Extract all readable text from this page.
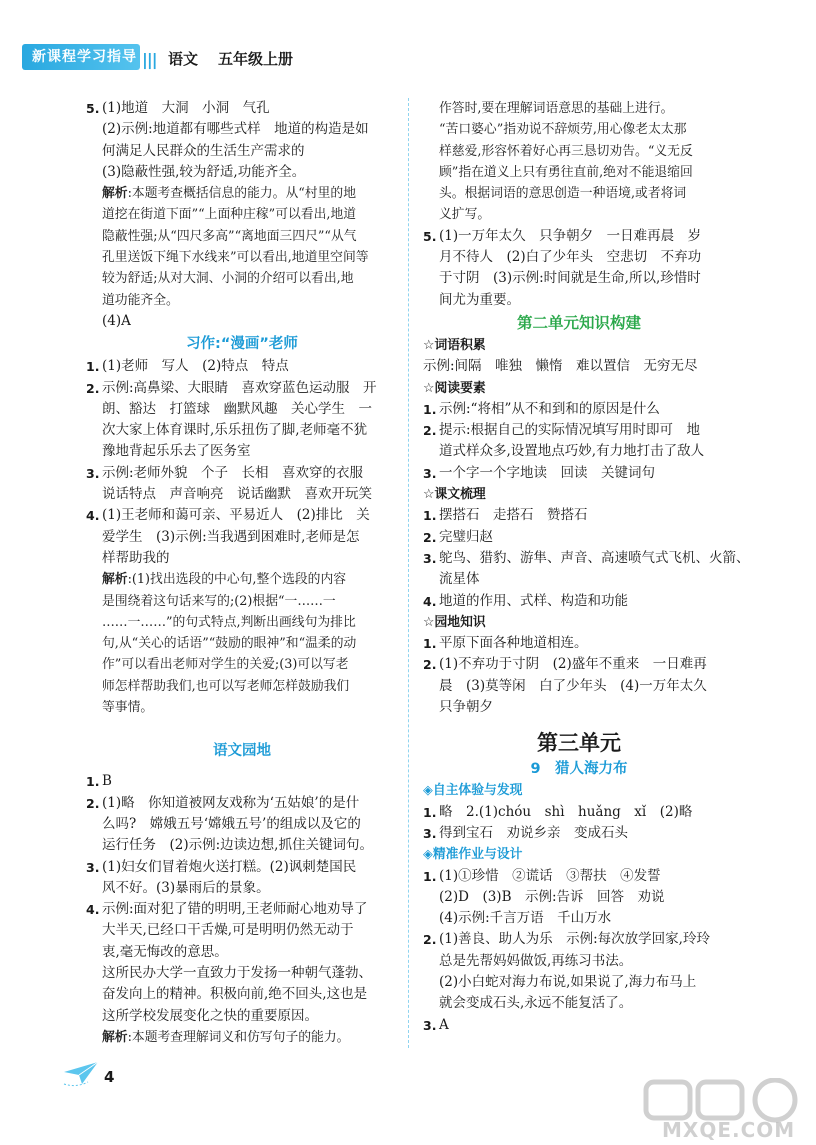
新课程学习指导 ||| 语文 五年级上册
5. (1)地道　大洞　小洞　气孔
(2)示例:地道都有哪些式样　地道的构造是如
何满足人民群众的生活生产需求的
(3)隐蔽性强,较为舒适,功能齐全。
解析:本题考查概括信息的能力。从“村里的地
道挖在街道下面”“上面种庄稼”可以看出,地道
隐蔽性强;从“四尺多高”“离地面三四尺”“从气
孔里送饭下绳下水线来”可以看出,地道里空间等
较为舒适;从对大洞、小洞的介绍可以看出,地
道功能齐全。
(4)A
习作:“漫画”老师
1. (1)老师　写人　(2)特点　特点
2. 示例:高鼻梁、大眼睛　喜欢穿蓝色运动服　开
朗、豁达　打篮球　幽默风趣　关心学生　一
次大家上体育课时,乐乐扭伤了脚,老师毫不犹
豫地背起乐乐去了医务室
3. 示例:老师外貌　个子　长相　喜欢穿的衣服
说话特点　声音响亮　说话幽默　喜欢开玩笑
4. (1)王老师和蔼可亲、平易近人　(2)排比　关
爱学生　(3)示例:当我遇到困难时,老师是怎
样帮助我的
解析:(1)找出选段的中心句,整个选段的内容
是围绕着这句话来写的;(2)根据“一……一
……一……”的句式特点,判断出画线句为排比
句,从“关心的话语”“鼓励的眼神”和“温柔的动
作”可以看出老师对学生的关爱;(3)可以写老
师怎样帮助我们,也可以写老师怎样鼓励我们
等事情。
语文园地
1. B
2. (1)略　你知道被网友戏称为‘五姑娘’的是什
么吗?　嫦娥五号‘嫦娥五号’的组成以及它的
运行任务　(2)示例:边读边想,抓住关键词句。
3. (1)妇女们冒着炮火送打糕。(2)讽刺楚国民
风不好。(3)暴雨后的景象。
4. 示例:面对犯了错的明明,王老师耐心地劝导了
大半天,已经口干舌燥,可是明明仍然无动于
衷,毫无悔改的意思。
这所民办大学一直致力于发扬一种朝气蓬勃、
奋发向上的精神。积极向前,绝不回头,这也是
这所学校发展变化之快的重要原因。
解析:本题考查理解词义和仿写句子的能力。
作答时,要在理解词语意思的基础上进行。
“苦口婆心”指劝说不辞烦劳,用心像老太太那
样慈爱,形容怀着好心再三恳切劝告。“义无反
顾”指在道义上只有勇往直前,绝对不能退缩回
头。根据词语的意思创造一种语境,或者将词
义扩写。
5. (1)一万年太久　只争朝夕　一日难再晨　岁
月不待人　(2)白了少年头　空悲切　不弃功
于寸阴　(3)示例:时间就是生命,所以,珍惜时
间尤为重要。
第二单元知识构建
☆词语积累
示例:间隔　唯独　懒惰　难以置信　无穷无尽
☆阅读要素
1. 示例:“将相”从不和到和的原因是什么
2. 提示:根据自己的实际情况填写用时即可　地
道式样众多,设置地点巧妙,有力地打击了敌人
3. 一个字一个字地读　回读　关键词句
☆课文梳理
1. 摆搭石　走搭石　赞搭石
2. 完璧归赵
3. 鸵鸟、猎豹、游隼、声音、高速喷气式飞机、火箭、
流星体
4. 地道的作用、式样、构造和功能
☆园地知识
1. 平原下面各种地道相连。
2. (1)不弃功于寸阴　(2)盛年不重来　一日难再
晨　(3)莫等闲　白了少年头　(4)一万年太久
只争朝夕
第三单元
9　猎人海力布
◈自主体验与发现
1. 略　2.(1)chóu　shì　huǎng　xǐ　(2)略
3. 得到宝石　劝说乡亲　变成石头
◈精准作业与设计
1. (1)①珍惜　②谎话　③帮扶　④发誓
(2)D　(3)B　示例:告诉　回答　劝说
(4)示例:千言万语　千山万水
2. (1)善良、助人为乐　示例:每次放学回家,玲玲
总是先帮妈妈做饭,再练习书法。
(2)小白蛇对海力布说,如果说了,海力布马上
就会变成石头,永远不能复活了。
3. A
4
MXQE.COM
